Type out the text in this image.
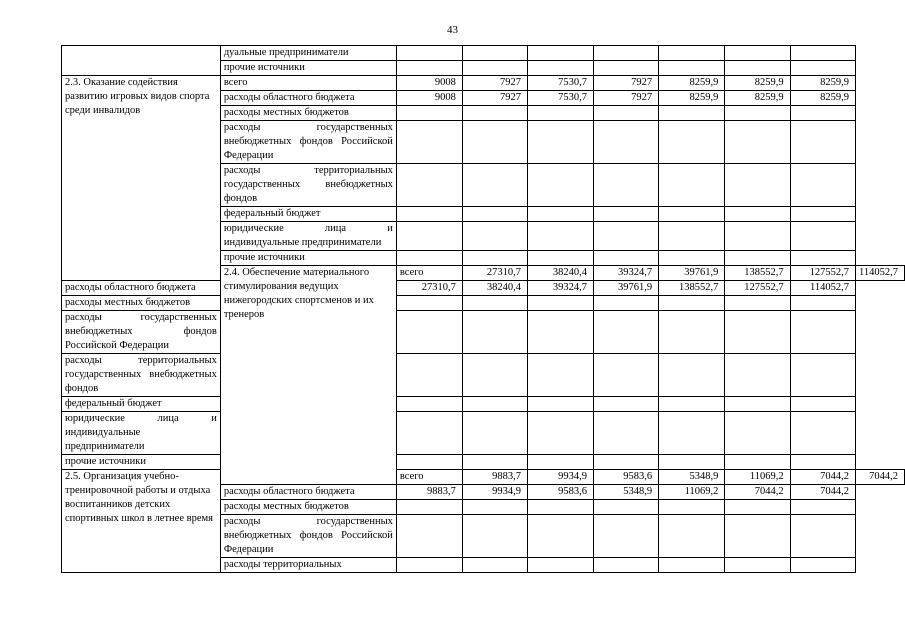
43
	дуальные предприниматели								
	прочие источники								
2.3. Оказание содействия развитию игровых видов спорта среди инвалидов	всего	9008	7927	7530,7	7927	8259,9	8259,9	8259,9	
	расходы областного бюджета	9008	7927	7530,7	7927	8259,9	8259,9	8259,9	
	расходы местных бюджетов								
	расходы государственных внебюджетных фондов Российской Федерации								
	расходы территориальных государственных внебюджетных фондов								
	федеральный бюджет								
	юридические лица и индивидуальные предприниматели								
	прочие источники								
	2.4. Обеспечение материального стимулирования ведущих нижегородских спортсменов и их тренеров	всего	27310,7	38240,4	39324,7	39761,9	138552,7	127552,7	114052,7
расходы областного бюджета		27310,7	38240,4	39324,7	39761,9	138552,7	127552,7	114052,7	
расходы местных бюджетов									
расходы государственных внебюджетных фондов Российской Федерации									
расходы территориальных государственных внебюджетных фондов									
федеральный бюджет									
юридические лица и индивидуальные предприниматели									
прочие источники									
2.5. Организация учебно-тренировочной работы и отдыха воспитанников детских спортивных школ в летнее время		всего	9883,7	9934,9	9583,6	5348,9	11069,2	7044,2	7044,2
	расходы областного бюджета	9883,7	9934,9	9583,6	5348,9	11069,2	7044,2	7044,2	
	расходы местных бюджетов								
	расходы государственных внебюджетных фондов Российской Федерации								
	расходы территориальных								
